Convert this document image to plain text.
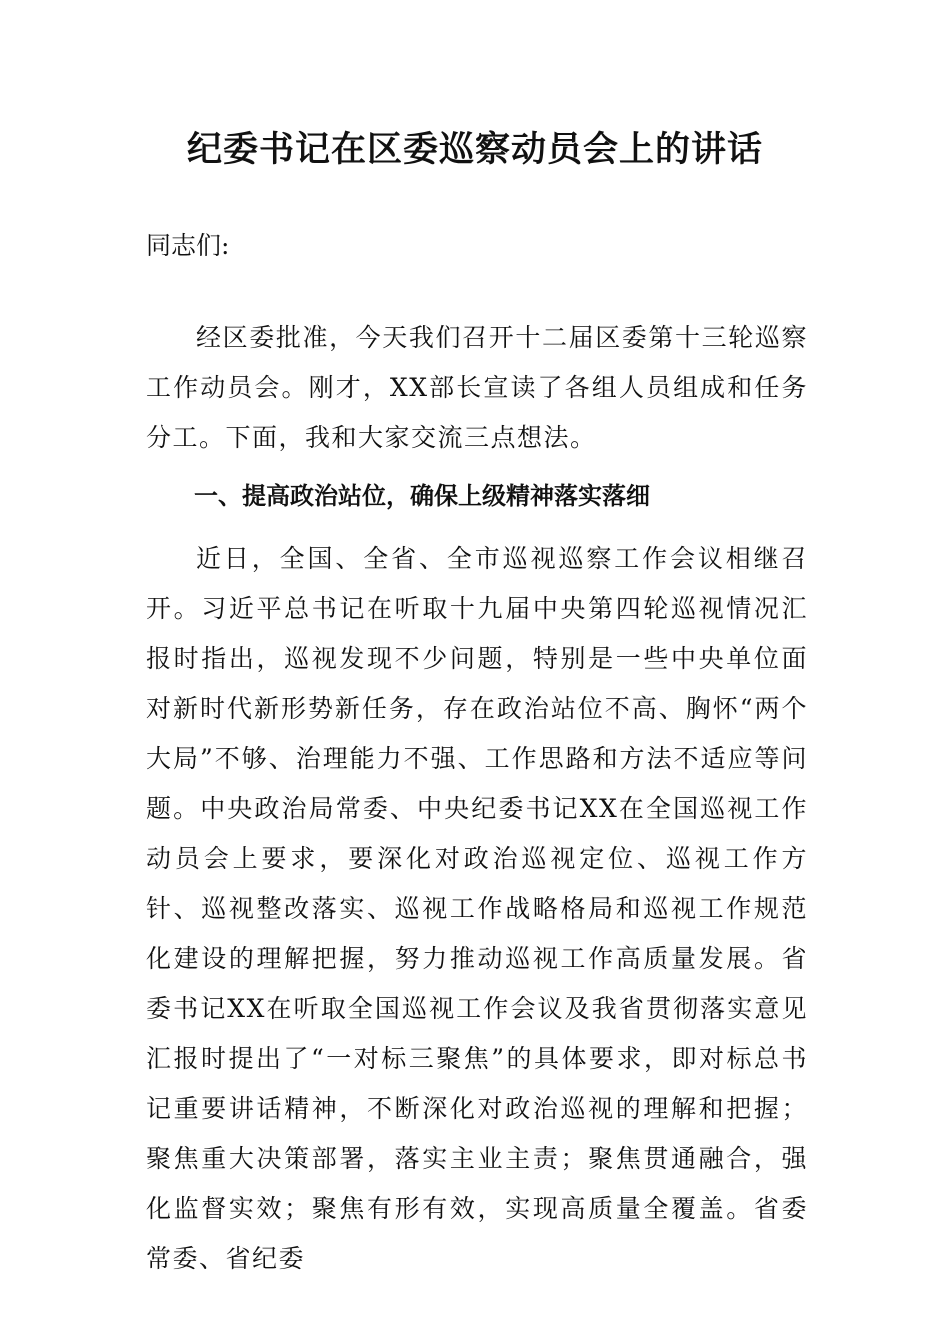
纪委书记在区委巡察动员会上的讲话

同志们:

经区委批准，今天我们召开十二届区委第十三轮巡察工作动员会。刚才，XX部长宣读了各组人员组成和任务分工。下面，我和大家交流三点想法。

一、提高政治站位，确保上级精神落实落细

近日，全国、全省、全市巡视巡察工作会议相继召开。习近平总书记在听取十九届中央第四轮巡视情况汇报时指出，巡视发现不少问题，特别是一些中央单位面对新时代新形势新任务，存在政治站位不高、胸怀“两个大局”不够、治理能力不强、工作思路和方法不适应等问题。中央政治局常委、中央纪委书记XX在全国巡视工作动员会上要求，要深化对政治巡视定位、巡视工作方针、巡视整改落实、巡视工作战略格局和巡视工作规范化建设的理解把握，努力推动巡视工作高质量发展。省委书记XX在听取全国巡视工作会议及我省贯彻落实意见汇报时提出了“一对标三聚焦”的具体要求，即对标总书记重要讲话精神，不断深化对政治巡视的理解和把握；聚焦重大决策部署，落实主业主责；聚焦贯通融合，强化监督实效；聚焦有形有效，实现高质量全覆盖。省委常委、省纪委
